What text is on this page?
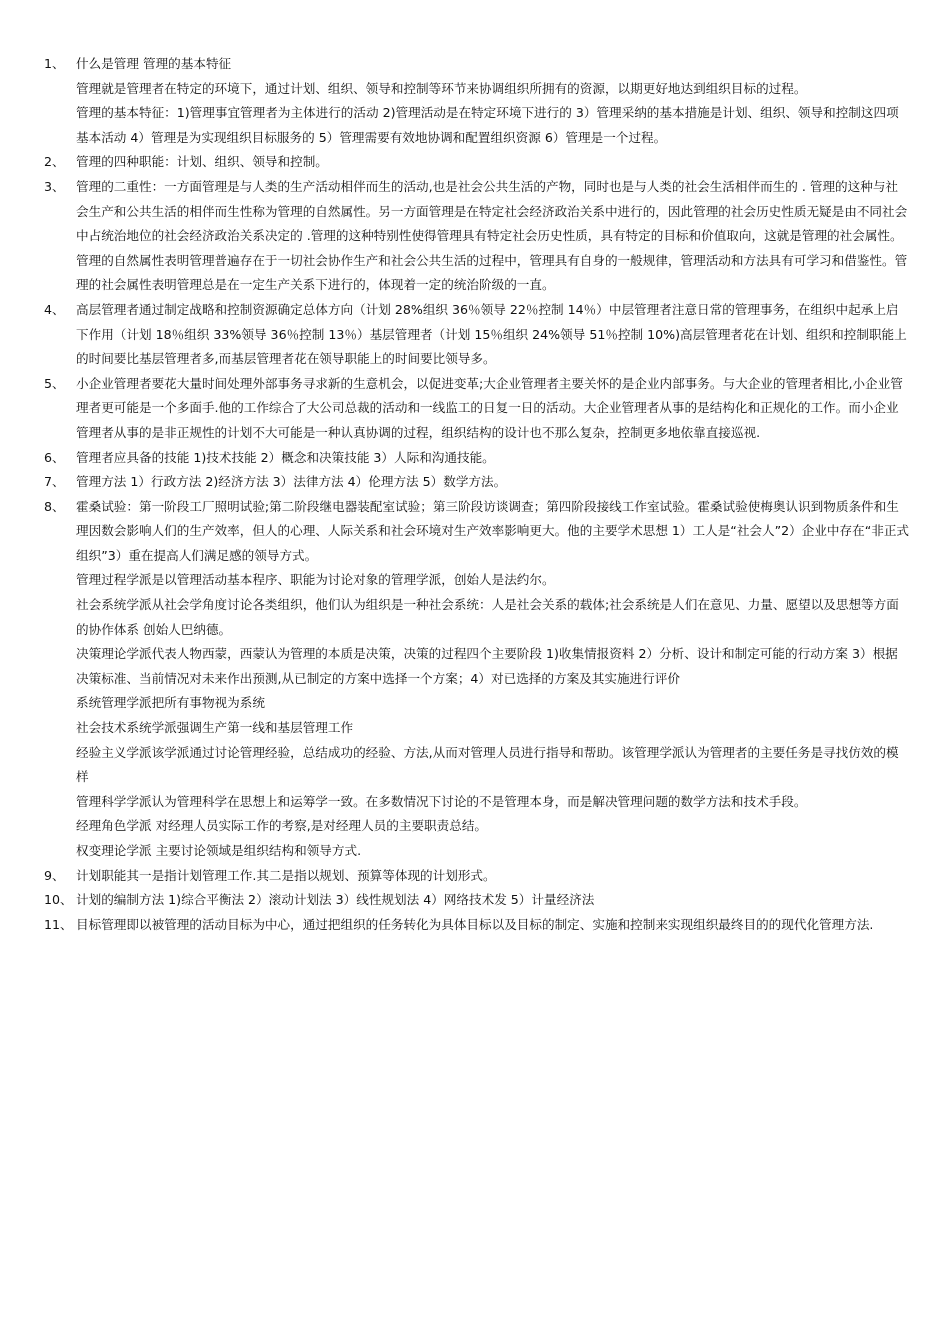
1、 什么是管理 管理的基本特征

管理就是管理者在特定的环境下，通过计划、组织、领导和控制等环节来协调组织所拥有的资源，以期更好地达到组织目标的过程。

管理的基本特征：1)管理事宜管理者为主体进行的活动 2)管理活动是在特定环境下进行的 3）管理采纳的基本措施是计划、组织、领导和控制这四项基本活动 4）管理是为实现组织目标服务的 5）管理需要有效地协调和配置组织资源 6）管理是一个过程。

2、 管理的四种职能：计划、组织、领导和控制。

3、 管理的二重性：一方面管理是与人类的生产活动相伴而生的活动,也是社会公共生活的产物，同时也是与人类的社会生活相伴而生的 . 管理的这种与社会生产和公共生活的相伴而生性称为管理的自然属性。另一方面管理是在特定社会经济政治关系中进行的，因此管理的社会历史性质无疑是由不同社会中占统治地位的社会经济政治关系决定的 .管理的这种特别性使得管理具有特定社会历史性质，具有特定的目标和价值取向，这就是管理的社会属性。管理的自然属性表明管理普遍存在于一切社会协作生产和社会公共生活的过程中，管理具有自身的一般规律，管理活动和方法具有可学习和借鉴性。管理的社会属性表明管理总是在一定生产关系下进行的，体现着一定的统治阶级的一直。

4、 高层管理者通过制定战略和控制资源确定总体方向（计划 28%组织 36％领导 22％控制 14％）中层管理者注意日常的管理事务，在组织中起承上启下作用（计划 18％组织 33%领导 36％控制 13％）基层管理者（计划 15％组织 24%领导 51％控制 10%)高层管理者花在计划、组织和控制职能上的时间要比基层管理者多,而基层管理者花在领导职能上的时间要比领导多。

5、 小企业管理者要花大量时间处理外部事务寻求新的生意机会，以促进变革;大企业管理者主要关怀的是企业内部事务。与大企业的管理者相比,小企业管理者更可能是一个多面手.他的工作综合了大公司总裁的活动和一线监工的日复一日的活动。大企业管理者从事的是结构化和正规化的工作。而小企业管理者从事的是非正规性的计划不大可能是一种认真协调的过程，组织结构的设计也不那么复杂，控制更多地依靠直接巡视.

6、 管理者应具备的技能 1)技术技能 2）概念和决策技能 3）人际和沟通技能。

7、 管理方法 1）行政方法 2)经济方法 3）法律方法 4）伦理方法 5）数学方法。

8、 霍桑试验：第一阶段工厂照明试验;第二阶段继电器装配室试验；第三阶段访谈调查；第四阶段接线工作室试验。霍桑试验使梅奥认识到物质条件和生理因数会影响人们的生产效率，但人的心理、人际关系和社会环境对生产效率影响更大。他的主要学术思想 1）工人是“社会人”2）企业中存在“非正式组织”3）重在提高人们满足感的领导方式。

管理过程学派是以管理活动基本程序、职能为讨论对象的管理学派，创始人是法约尔。

社会系统学派从社会学角度讨论各类组织，他们认为组织是一种社会系统：人是社会关系的载体;社会系统是人们在意见、力量、愿望以及思想等方面的协作体系 创始人巴纳德。

决策理论学派代表人物西蒙，西蒙认为管理的本质是决策，决策的过程四个主要阶段 1)收集情报资料 2）分析、设计和制定可能的行动方案 3）根据决策标准、当前情况对未来作出预测,从已制定的方案中选择一个方案；4）对已选择的方案及其实施进行评价

系统管理学派把所有事物视为系统

社会技术系统学派强调生产第一线和基层管理工作

经验主义学派该学派通过讨论管理经验，总结成功的经验、方法,从而对管理人员进行指导和帮助。该管理学派认为管理者的主要任务是寻找仿效的模样

管理科学学派认为管理科学在思想上和运筹学一致。在多数情况下讨论的不是管理本身，而是解决管理问题的数学方法和技术手段。

经理角色学派 对经理人员实际工作的考察,是对经理人员的主要职责总结。

权变理论学派 主要讨论领域是组织结构和领导方式.

9、 计划职能其一是指计划管理工作.其二是指以规划、预算等体现的计划形式。

10、 计划的编制方法 1)综合平衡法 2）滚动计划法 3）线性规划法 4）网络技术发 5）计量经济法

11、 目标管理即以被管理的活动目标为中心，通过把组织的任务转化为具体目标以及目标的制定、实施和控制来实现组织最终目的的现代化管理方法.
